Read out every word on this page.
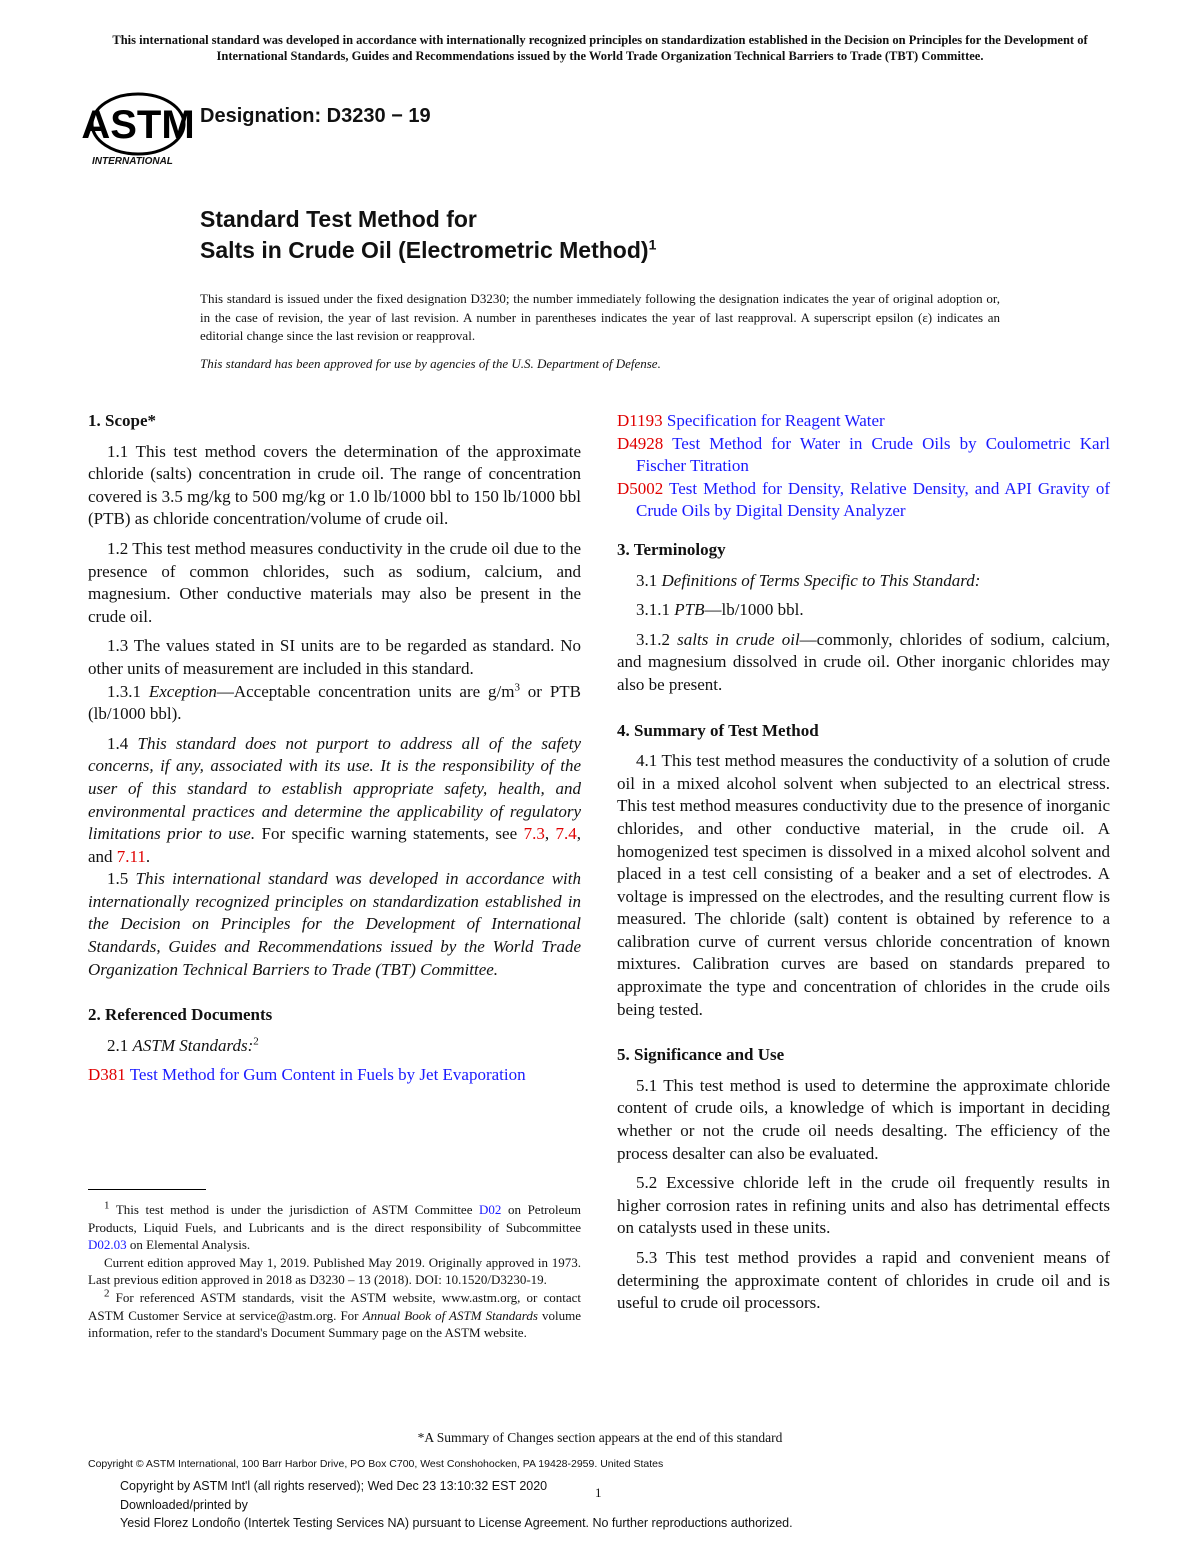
This international standard was developed in accordance with internationally recognized principles on standardization established in the Decision on Principles for the Development of International Standards, Guides and Recommendations issued by the World Trade Organization Technical Barriers to Trade (TBT) Committee.
ASTM
INTERNATIONAL
Designation: D3230 − 19
Standard Test Method for
Salts in Crude Oil (Electrometric Method)$^1$
This standard is issued under the fixed designation D3230; the number immediately following the designation indicates the year of original adoption or, in the case of revision, the year of last revision. A number in parentheses indicates the year of last reapproval. A superscript epsilon (ε) indicates an editorial change since the last revision or reapproval.
This standard has been approved for use by agencies of the U.S. Department of Defense.
1. Scope*
1.1 This test method covers the determination of the approximate chloride (salts) concentration in crude oil. The range of concentration covered is 3.5 mg/kg to 500 mg/kg or 1.0 lb/1000 bbl to 150 lb/1000 bbl (PTB) as chloride concentration/volume of crude oil.
1.2 This test method measures conductivity in the crude oil due to the presence of common chlorides, such as sodium, calcium, and magnesium. Other conductive materials may also be present in the crude oil.
1.3 The values stated in SI units are to be regarded as standard. No other units of measurement are included in this standard.
1.3.1 Exception—Acceptable concentration units are $g/m^3$ or PTB (lb/1000 bbl).
1.4 This standard does not purport to address all of the safety concerns, if any, associated with its use. It is the responsibility of the user of this standard to establish appropriate safety, health, and environmental practices and determine the applicability of regulatory limitations prior to use. For specific warning statements, see 7.3, 7.4, and 7.11.
1.5 This international standard was developed in accordance with internationally recognized principles on standardization established in the Decision on Principles for the Development of International Standards, Guides and Recommendations issued by the World Trade Organization Technical Barriers to Trade (TBT) Committee.
2. Referenced Documents
2.1 ASTM Standards:$^2$
D381 Test Method for Gum Content in Fuels by Jet Evaporation
D1193 Specification for Reagent Water
D4928 Test Method for Water in Crude Oils by Coulometric Karl Fischer Titration
D5002 Test Method for Density, Relative Density, and API Gravity of Crude Oils by Digital Density Analyzer
3. Terminology
3.1 Definitions of Terms Specific to This Standard:
3.1.1 PTB—lb/1000 bbl.
3.1.2 salts in crude oil—commonly, chlorides of sodium, calcium, and magnesium dissolved in crude oil. Other inorganic chlorides may also be present.
4. Summary of Test Method
4.1 This test method measures the conductivity of a solution of crude oil in a mixed alcohol solvent when subjected to an electrical stress. This test method measures conductivity due to the presence of inorganic chlorides, and other conductive material, in the crude oil. A homogenized test specimen is dissolved in a mixed alcohol solvent and placed in a test cell consisting of a beaker and a set of electrodes. A voltage is impressed on the electrodes, and the resulting current flow is measured. The chloride (salt) content is obtained by reference to a calibration curve of current versus chloride concentration of known mixtures. Calibration curves are based on standards prepared to approximate the type and concentration of chlorides in the crude oils being tested.
5. Significance and Use
5.1 This test method is used to determine the approximate chloride content of crude oils, a knowledge of which is important in deciding whether or not the crude oil needs desalting. The efficiency of the process desalter can also be evaluated.
5.2 Excessive chloride left in the crude oil frequently results in higher corrosion rates in refining units and also has detrimental effects on catalysts used in these units.
5.3 This test method provides a rapid and convenient means of determining the approximate content of chlorides in crude oil and is useful to crude oil processors.

$^1$ This test method is under the jurisdiction of ASTM Committee D02 on Petroleum Products, Liquid Fuels, and Lubricants and is the direct responsibility of Subcommittee D02.03 on Elemental Analysis.

Current edition approved May 1, 2019. Published May 2019. Originally approved in 1973. Last previous edition approved in 2018 as D3230 – 13 (2018). DOI: 10.1520/D3230-19.

$^2$ For referenced ASTM standards, visit the ASTM website, www.astm.org, or contact ASTM Customer Service at service@astm.org. For Annual Book of ASTM Standards volume information, refer to the standard's Document Summary page on the ASTM website.

*A Summary of Changes section appears at the end of this standard
Copyright © ASTM International, 100 Barr Harbor Drive, PO Box C700, West Conshohocken, PA 19428-2959. United States
Copyright by ASTM Int'l (all rights reserved); Wed Dec 23 13:10:32 EST 2020
Downloaded/printed by
Yesid Florez Londoño (Intertek Testing Services NA) pursuant to License Agreement. No further reproductions authorized.
1
